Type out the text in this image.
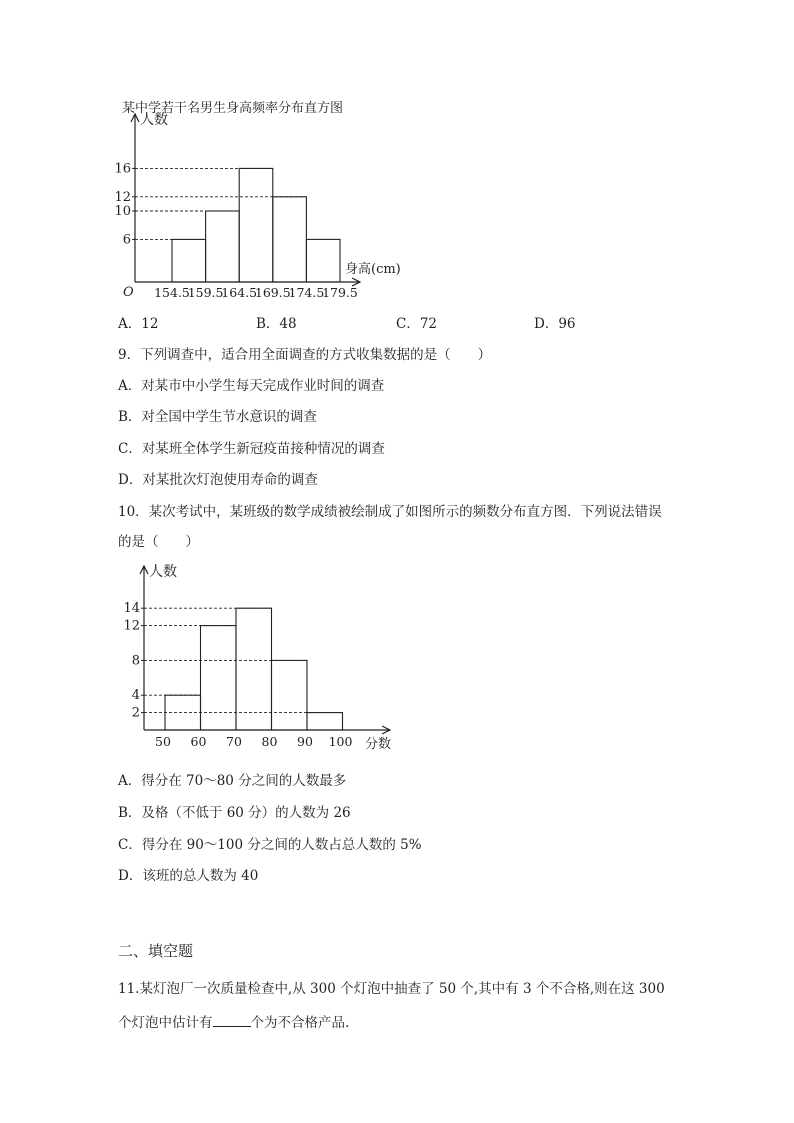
某中学若干名男生身高频率分布直方图
人数
身高(cm)
O
6
10
12
16
154.5
159.5
164.5
169.5
174.5
179.5
A．12	B．48	C．72	D．96
9．下列调查中，适合用全面调查的方式收集数据的是（　　）
A．对某市中小学生每天完成作业时间的调查
B．对全国中学生节水意识的调查
C．对某班全体学生新冠疫苗接种情况的调查
D．对某批次灯泡使用寿命的调查
10．某次考试中，某班级的数学成绩被绘制成了如图所示的频数分布直方图．下列说法错误
的是（　　）
人数
分数
2
4
8
12
14
50 60 70 80 90 100
A．得分在 70～80 分之间的人数最多
B．及格（不低于 60 分）的人数为 26
C．得分在 90～100 分之间的人数占总人数的 5%
D．该班的总人数为 40
二、填空题
11.某灯泡厂一次质量检查中,从 300 个灯泡中抽查了 50 个,其中有 3 个不合格,则在这 300
个灯泡中估计有	个为不合格产品.
